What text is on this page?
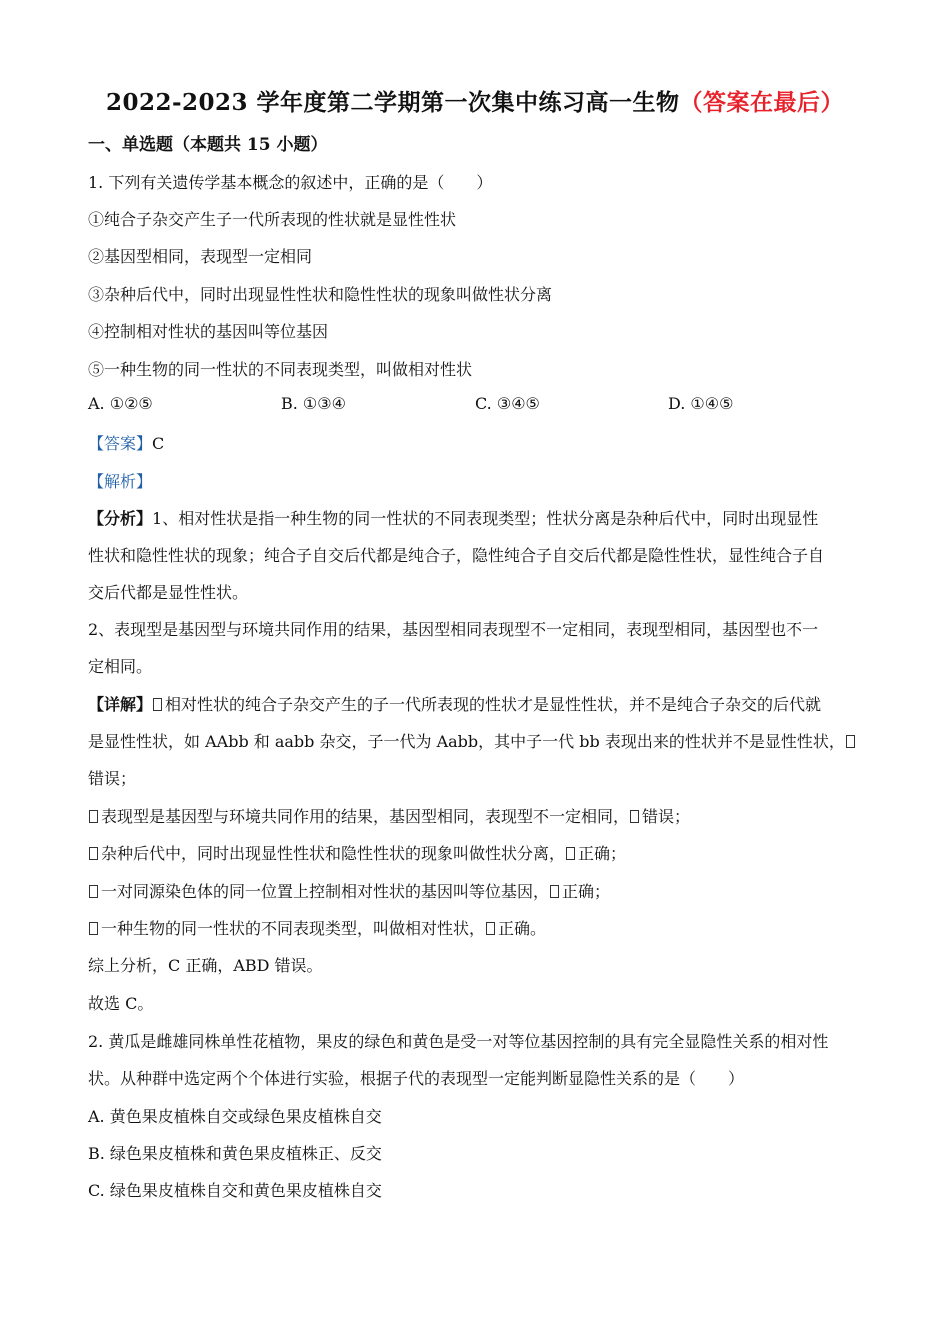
2022-2023 学年度第二学期第一次集中练习高一生物（答案在最后）
一、单选题（本题共 15 小题）
1. 下列有关遗传学基本概念的叙述中，正确的是（　　）
①纯合子杂交产生子一代所表现的性状就是显性性状
②基因型相同，表现型一定相同
③杂种后代中，同时出现显性性状和隐性性状的现象叫做性状分离
④控制相对性状的基因叫等位基因
⑤一种生物的同一性状的不同表现类型，叫做相对性状
A. ①②⑤	B. ①③④	C. ③④⑤	D. ①④⑤
【答案】C
【解析】
【分析】1、相对性状是指一种生物的同一性状的不同表现类型；性状分离是杂种后代中，同时出现显性
性状和隐性性状的现象；纯合子自交后代都是纯合子，隐性纯合子自交后代都是隐性性状，显性纯合子自
交后代都是显性性状。
2、表现型是基因型与环境共同作用的结果，基因型相同表现型不一定相同，表现型相同，基因型也不一
定相同。
【详解】 相对性状的纯合子杂交产生的子一代所表现的性状才是显性性状，并不是纯合子杂交的后代就
是显性性状，如 AAbb 和 aabb 杂交，子一代为 Aabb，其中子一代 bb 表现出来的性状并不是显性性状，
错误；
表现型是基因型与环境共同作用的结果，基因型相同，表现型不一定相同， 错误；
杂种后代中，同时出现显性性状和隐性性状的现象叫做性状分离， 正确；
一对同源染色体的同一位置上控制相对性状的基因叫等位基因， 正确；
一种生物的同一性状的不同表现类型，叫做相对性状， 正确。
综上分析，C 正确，ABD 错误。
故选 C。
2. 黄瓜是雌雄同株单性花植物，果皮的绿色和黄色是受一对等位基因控制的具有完全显隐性关系的相对性
状。从种群中选定两个个体进行实验，根据子代的表现型一定能判断显隐性关系的是（　　）
A. 黄色果皮植株自交或绿色果皮植株自交
B. 绿色果皮植株和黄色果皮植株正、反交
C. 绿色果皮植株自交和黄色果皮植株自交
